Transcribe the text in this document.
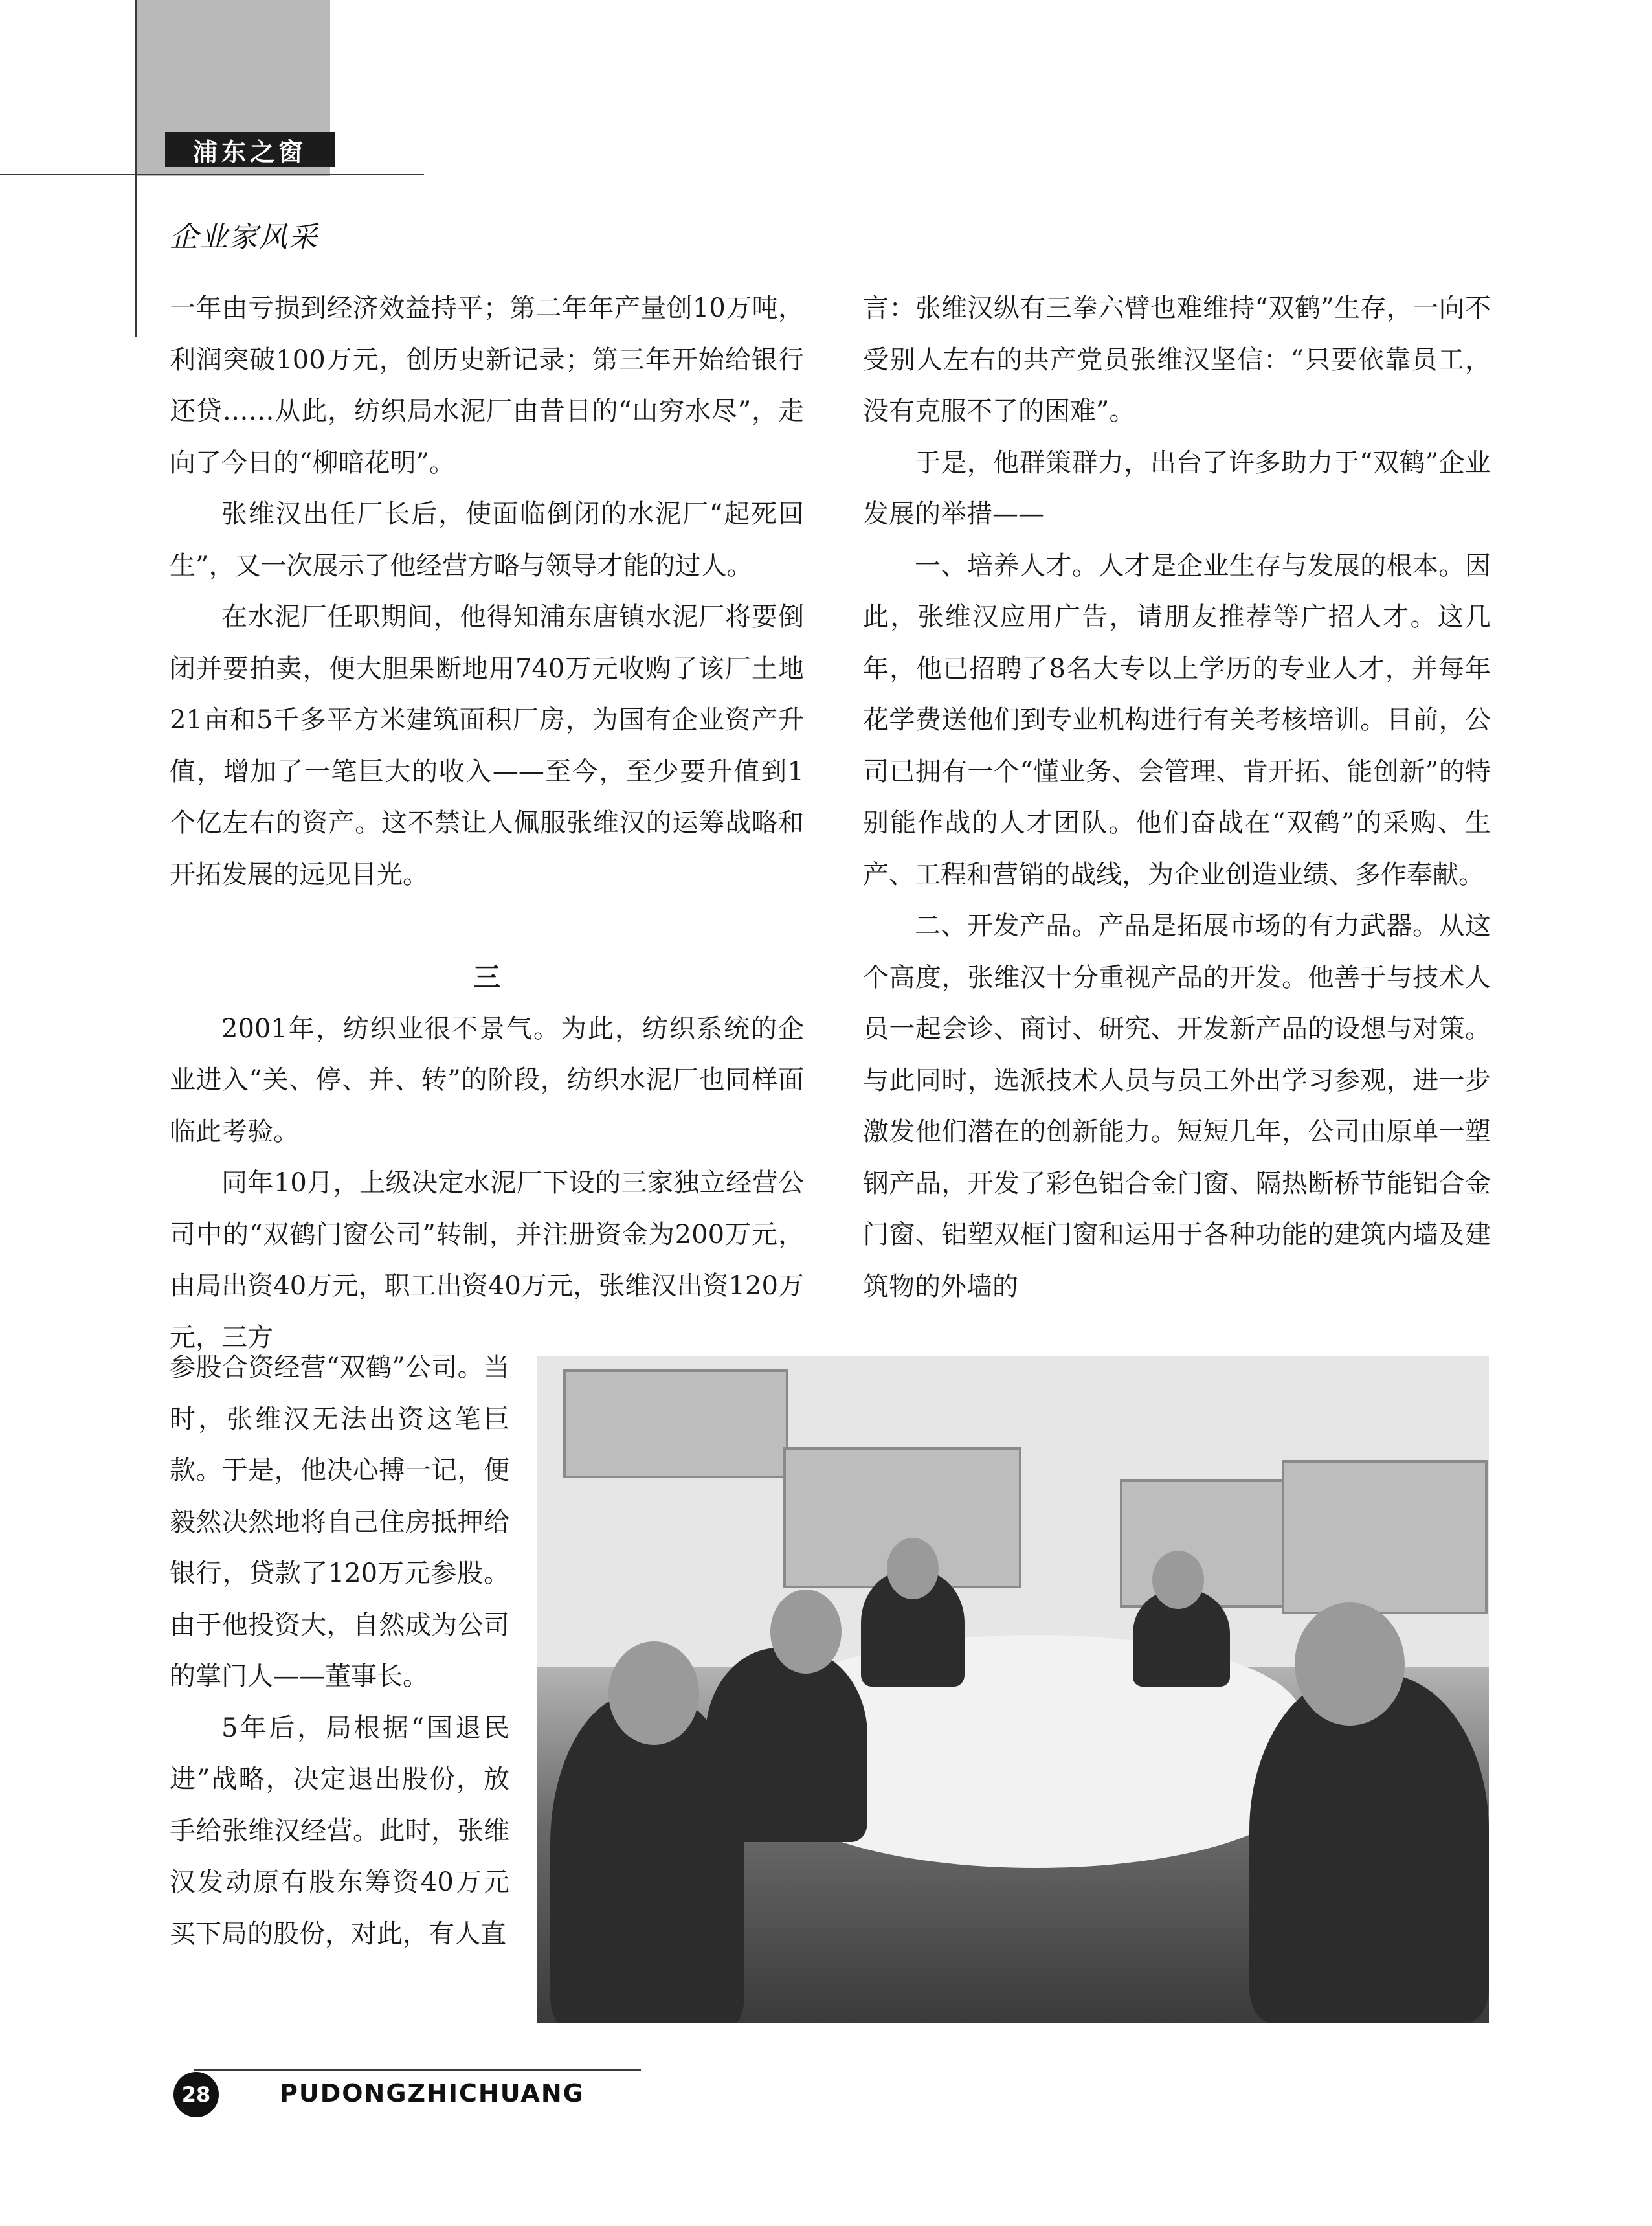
浦东之窗
企业家风采

一年由亏损到经济效益持平；第二年年产量创10万吨，利润突破100万元，创历史新记录；第三年开始给银行还贷……从此，纺织局水泥厂由昔日的“山穷水尽”，走向了今日的“柳暗花明”。

张维汉出任厂长后，使面临倒闭的水泥厂“起死回生”，又一次展示了他经营方略与领导才能的过人。

在水泥厂任职期间，他得知浦东唐镇水泥厂将要倒闭并要拍卖，便大胆果断地用740万元收购了该厂土地21亩和5千多平方米建筑面积厂房，为国有企业资产升值，增加了一笔巨大的收入——至今，至少要升值到1个亿左右的资产。这不禁让人佩服张维汉的运筹战略和开拓发展的远见目光。

三

2001年，纺织业很不景气。为此，纺织系统的企业进入“关、停、并、转”的阶段，纺织水泥厂也同样面临此考验。

同年10月，上级决定水泥厂下设的三家独立经营公司中的“双鹤门窗公司”转制，并注册资金为200万元，由局出资40万元，职工出资40万元，张维汉出资120万元，三方

参股合资经营“双鹤”公司。当时，张维汉无法出资这笔巨款。于是，他决心搏一记，便毅然决然地将自己住房抵押给银行，贷款了120万元参股。由于他投资大，自然成为公司的掌门人——董事长。

5年后，局根据“国退民进”战略，决定退出股份，放手给张维汉经营。此时，张维汉发动原有股东筹资40万元买下局的股份，对此，有人直

言：张维汉纵有三拳六臂也难维持“双鹤”生存，一向不受别人左右的共产党员张维汉坚信：“只要依靠员工，没有克服不了的困难”。

于是，他群策群力，出台了许多助力于“双鹤”企业发展的举措——

一、培养人才。人才是企业生存与发展的根本。因此，张维汉应用广告，请朋友推荐等广招人才。这几年，他已招聘了8名大专以上学历的专业人才，并每年花学费送他们到专业机构进行有关考核培训。目前，公司已拥有一个“懂业务、会管理、肯开拓、能创新”的特别能作战的人才团队。他们奋战在“双鹤”的采购、生产、工程和营销的战线，为企业创造业绩、多作奉献。

二、开发产品。产品是拓展市场的有力武器。从这个高度，张维汉十分重视产品的开发。他善于与技术人员一起会诊、商讨、研究、开发新产品的设想与对策。与此同时，选派技术人员与员工外出学习参观，进一步激发他们潜在的创新能力。短短几年，公司由原单一塑钢产品，开发了彩色铝合金门窗、隔热断桥节能铝合金门窗、铝塑双框门窗和运用于各种功能的建筑内墙及建筑物的外墙的

28	PUDONGZHICHUANG
